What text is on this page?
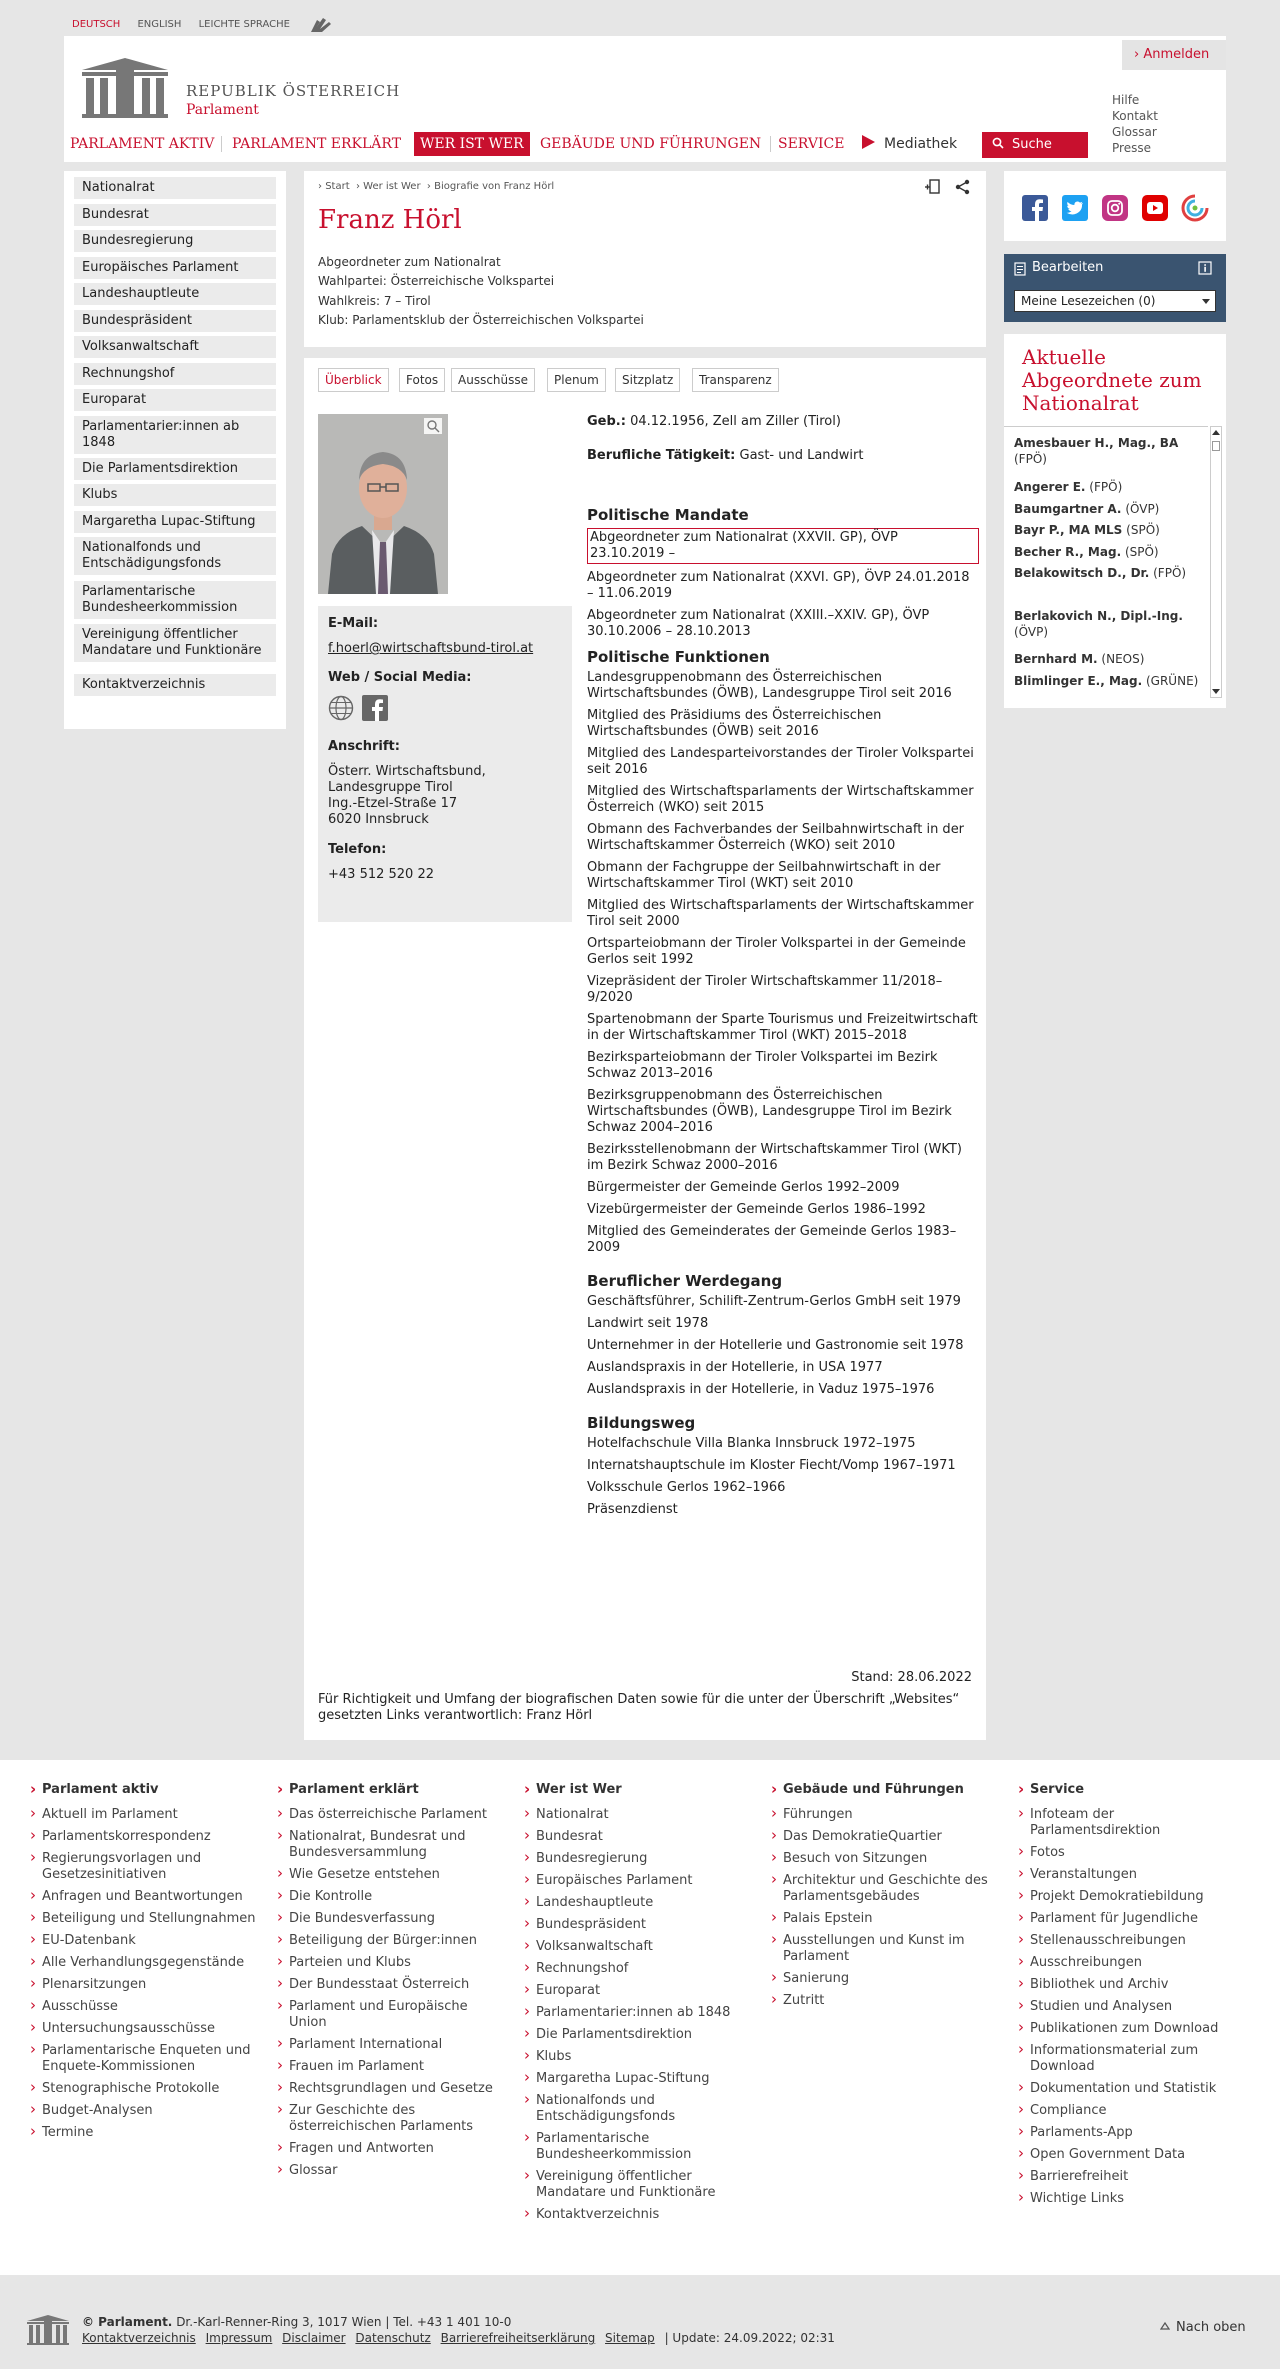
DEUTSCH ENGLISH LEICHTE SPRACHE
REPUBLIK ÖSTERREICH
Parlament
› Anmelden
Hilfe
Kontakt
Glossar
Presse
PARLAMENT AKTIV	PARLAMENT ERKLÄRT	WER IST WER	GEBÄUDE UND FÜHRUNGEN	SERVICE	Mediathek	Suche
Nationalrat
Bundesrat
Bundesregierung
Europäisches Parlament
Landeshauptleute
Bundespräsident
Volksanwaltschaft
Rechnungshof
Europarat
Parlamentarier:innen ab 1848
Die Parlamentsdirektion
Klubs
Margaretha Lupac-Stiftung
Nationalfonds und Entschädigungsfonds
Parlamentarische Bundesheerkommission
Vereinigung öffentlicher Mandatare und Funktionäre
Kontaktverzeichnis
› Start  › Wer ist Wer  › Biografie von Franz Hörl
Franz Hörl
Abgeordneter zum Nationalrat
Wahlpartei: Österreichische Volkspartei
Wahlkreis: 7 – Tirol
Klub: Parlamentsklub der Österreichischen Volkspartei

Überblick	Fotos	Ausschüsse	Plenum	Sitzplatz	Transparenz
E-Mail:
f.hoerl@wirtschaftsbund-tirol.at
Web / Social Media:

Anschrift:
Österr. Wirtschaftsbund,
Landesgruppe Tirol
Ing.-Etzel-Straße 17
6020 Innsbruck
Telefon:
+43 512 520 22
Geb.: 04.12.1956, Zell am Ziller (Tirol)
Berufliche Tätigkeit: Gast- und Landwirt
Politische Mandate
Abgeordneter zum Nationalrat (XXVII. GP), ÖVP 23.10.2019 –
Abgeordneter zum Nationalrat (XXVI. GP), ÖVP 24.01.2018 – 11.06.2019
Abgeordneter zum Nationalrat (XXIII.–XXIV. GP), ÖVP 30.10.2006 – 28.10.2013
Politische Funktionen
Landesgruppenobmann des Österreichischen Wirtschaftsbundes (ÖWB), Landesgruppe Tirol seit 2016
Mitglied des Präsidiums des Österreichischen Wirtschaftsbundes (ÖWB) seit 2016
Mitglied des Landesparteivorstandes der Tiroler Volkspartei seit 2016
Mitglied des Wirtschaftsparlaments der Wirtschaftskammer Österreich (WKO) seit 2015
Obmann des Fachverbandes der Seilbahnwirtschaft in der Wirtschaftskammer Österreich (WKO) seit 2010
Obmann der Fachgruppe der Seilbahnwirtschaft in der Wirtschaftskammer Tirol (WKT) seit 2010
Mitglied des Wirtschaftsparlaments der Wirtschaftskammer Tirol seit 2000
Ortsparteiobmann der Tiroler Volkspartei in der Gemeinde Gerlos seit 1992
Vizepräsident der Tiroler Wirtschaftskammer 11/2018–9/2020
Spartenobmann der Sparte Tourismus und Freizeitwirtschaft in der Wirtschaftskammer Tirol (WKT) 2015–2018
Bezirksparteiobmann der Tiroler Volkspartei im Bezirk Schwaz 2013–2016
Bezirksgruppenobmann des Österreichischen Wirtschaftsbundes (ÖWB), Landesgruppe Tirol im Bezirk Schwaz 2004–2016
Bezirksstellenobmann der Wirtschaftskammer Tirol (WKT) im Bezirk Schwaz 2000–2016
Bürgermeister der Gemeinde Gerlos 1992–2009
Vizebürgermeister der Gemeinde Gerlos 1986–1992
Mitglied des Gemeinderates der Gemeinde Gerlos 1983–2009
Beruflicher Werdegang
Geschäftsführer, Schilift-Zentrum-Gerlos GmbH seit 1979
Landwirt seit 1978
Unternehmer in der Hotellerie und Gastronomie seit 1978
Auslandspraxis in der Hotellerie, in USA 1977
Auslandspraxis in der Hotellerie, in Vaduz 1975–1976
Bildungsweg
Hotelfachschule Villa Blanka Innsbruck 1972–1975
Internatshauptschule im Kloster Fiecht/Vomp 1967–1971
Volksschule Gerlos 1962–1966
Präsenzdienst
Stand: 28.06.2022
Für Richtigkeit und Umfang der biografischen Daten sowie für die unter der Überschrift „Websites“ gesetzten Links verantwortlich: Franz Hörl
Bearbeiten
Meine Lesezeichen (0)
Aktuelle Abgeordnete zum Nationalrat
Amesbauer H., Mag., BA (FPÖ)
Angerer E. (FPÖ)
Baumgartner A. (ÖVP)
Bayr P., MA MLS (SPÖ)
Becher R., Mag. (SPÖ)
Belakowitsch D., Dr. (FPÖ)
Berlakovich N., Dipl.-Ing. (ÖVP)
Bernhard M. (NEOS)
Blimlinger E., Mag. (GRÜNE)
› Parlament aktiv
› Aktuell im Parlament
› Parlamentskorrespondenz
› Regierungsvorlagen und Gesetzesinitiativen
› Anfragen und Beantwortungen
› Beteiligung und Stellungnahmen
› EU-Datenbank
› Alle Verhandlungsgegenstände
› Plenarsitzungen
› Ausschüsse
› Untersuchungsausschüsse
› Parlamentarische Enqueten und Enquete-Kommissionen
› Stenographische Protokolle
› Budget-Analysen
› Termine
› Parlament erklärt
› Das österreichische Parlament
› Nationalrat, Bundesrat und Bundesversammlung
› Wie Gesetze entstehen
› Die Kontrolle
› Die Bundesverfassung
› Beteiligung der Bürger:innen
› Parteien und Klubs
› Der Bundesstaat Österreich
› Parlament und Europäische Union
› Parlament International
› Frauen im Parlament
› Rechtsgrundlagen und Gesetze
› Zur Geschichte des österreichischen Parlaments
› Fragen und Antworten
› Glossar
› Wer ist Wer
› Nationalrat
› Bundesrat
› Bundesregierung
› Europäisches Parlament
› Landeshauptleute
› Bundespräsident
› Volksanwaltschaft
› Rechnungshof
› Europarat
› Parlamentarier:innen ab 1848
› Die Parlamentsdirektion
› Klubs
› Margaretha Lupac-Stiftung
› Nationalfonds und Entschädigungsfonds
› Parlamentarische Bundesheerkommission
› Vereinigung öffentlicher Mandatare und Funktionäre
› Kontaktverzeichnis
› Gebäude und Führungen
› Führungen
› Das DemokratieQuartier
› Besuch von Sitzungen
› Architektur und Geschichte des Parlamentsgebäudes
› Palais Epstein
› Ausstellungen und Kunst im Parlament
› Sanierung
› Zutritt
› Service
› Infoteam der Parlamentsdirektion
› Fotos
› Veranstaltungen
› Projekt Demokratiebildung
› Parlament für Jugendliche
› Stellenausschreibungen
› Ausschreibungen
› Bibliothek und Archiv
› Studien und Analysen
› Publikationen zum Download
› Informationsmaterial zum Download
› Dokumentation und Statistik
› Compliance
› Parlaments-App
› Open Government Data
› Barrierefreiheit
› Wichtige Links
© Parlament. Dr.-Karl-Renner-Ring 3, 1017 Wien | Tel. +43 1 401 10-0
Kontaktverzeichnis Impressum Disclaimer Datenschutz Barrierefreiheitserklärung Sitemap | Update: 24.09.2022; 02:31
Nach oben
